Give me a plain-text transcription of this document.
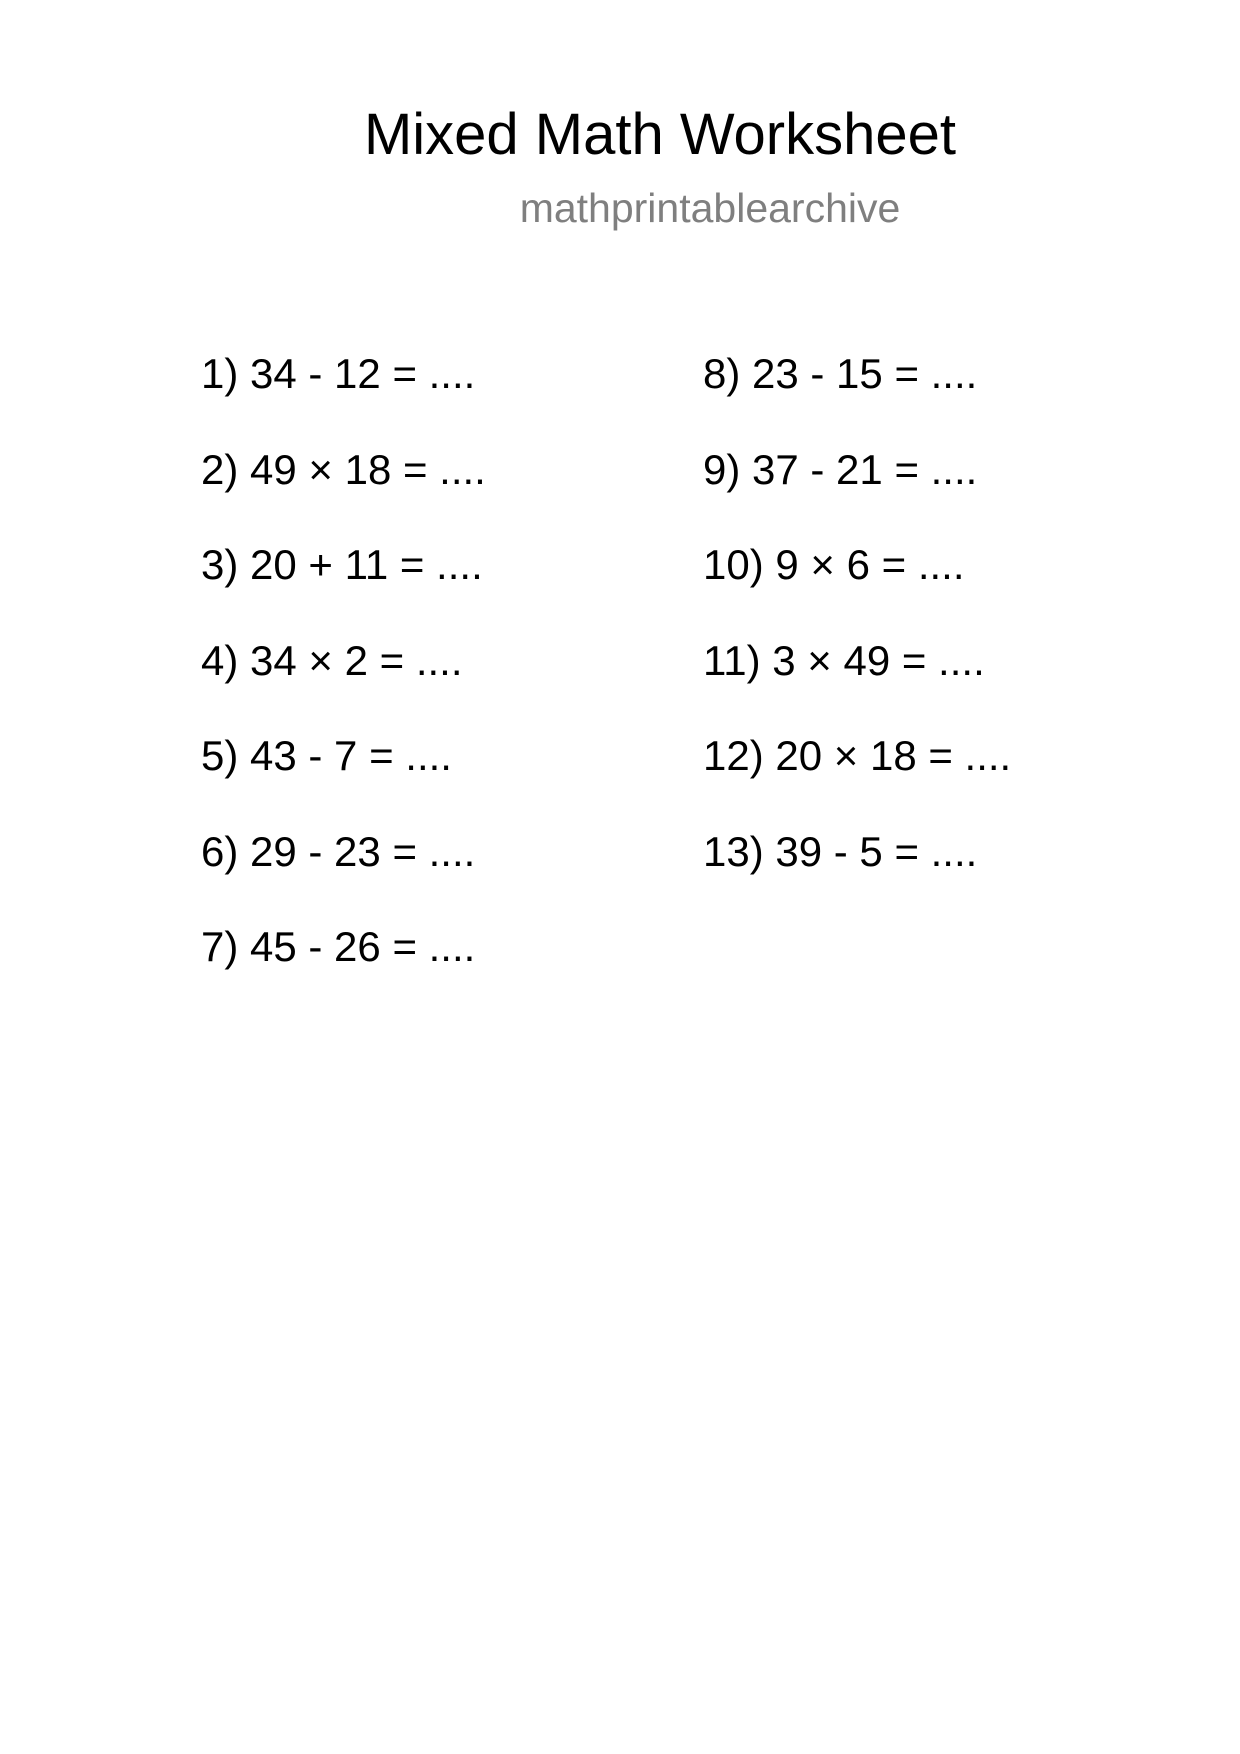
Mixed Math Worksheet
mathprintablearchive
1) 34 - 12 = ....
2) 49 × 18 = ....
3) 20 + 11 = ....
4) 34 × 2 = ....
5) 43 - 7 = ....
6) 29 - 23 = ....
7) 45 - 26 = ....
8) 23 - 15 = ....
9) 37 - 21 = ....
10) 9 × 6 = ....
11) 3 × 49 = ....
12) 20 × 18 = ....
13) 39 - 5 = ....
